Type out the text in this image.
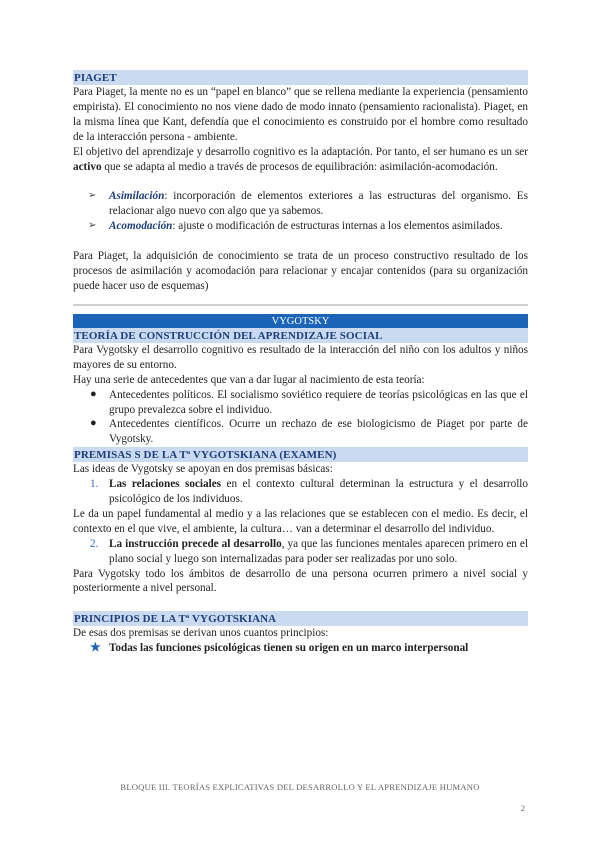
PIAGET

Para Piaget, la mente no es un “papel en blanco” que se rellena mediante la experiencia (pensamiento empirista). El conocimiento no nos viene dado de modo innato (pensamiento racionalista). Piaget, en la misma línea que Kant, defendía que el conocimiento es construido por el hombre como resultado de la interacción persona - ambiente.

El objetivo del aprendizaje y desarrollo cognitivo es la adaptación. Por tanto, el ser humano es un ser activo que se adapta al medio a través de procesos de equilibración: asimilación-acomodación.

➢ Asimilación: incorporación de elementos exteriores a las estructuras del organismo. Es relacionar algo nuevo con algo que ya sabemos.
➢ Acomodación: ajuste o modificación de estructuras internas a los elementos asimilados.

Para Piaget, la adquisición de conocimiento se trata de un proceso constructivo resultado de los procesos de asimilación y acomodación para relacionar y encajar contenidos (para su organización puede hacer uso de esquemas)

VYGOTSKY
TEORÍA DE CONSTRUCCIÓN DEL APRENDIZAJE SOCIAL

Para Vygotsky el desarrollo cognitivo es resultado de la interacción del niño con los adultos y niños mayores de su entorno.

Hay una serie de antecedentes que van a dar lugar al nacimiento de esta teoría:

● Antecedentes políticos. El socialismo soviético requiere de teorías psicológicas en las que el grupo prevalezca sobre el individuo.
● Antecedentes científicos. Ocurre un rechazo de ese biologicismo de Piaget por parte de Vygotsky.
PREMISAS S DE LA Tª VYGOTSKIANA (EXAMEN)

Las ideas de Vygotsky se apoyan en dos premisas básicas:

1. Las relaciones sociales en el contexto cultural determinan la estructura y el desarrollo psicológico de los individuos.

Le da un papel fundamental al medio y a las relaciones que se establecen con el medio. Es decir, el contexto en el que vive, el ambiente, la cultura… van a determinar el desarrollo del individuo.

2. La instrucción precede al desarrollo, ya que las funciones mentales aparecen primero en el plano social y luego son internalizadas para poder ser realizadas por uno solo.

Para Vygotsky todo los ámbitos de desarrollo de una persona ocurren primero a nivel social y posteriormente a nivel personal.

PRINCIPIOS DE LA Tª VYGOTSKIANA

De esas dos premisas se derivan unos cuantos principios:

★ Todas las funciones psicológicas tienen su origen en un marco interpersonal
BLOQUE III. TEORÍAS EXPLICATIVAS DEL DESARROLLO Y EL APRENDIZAJE HUMANO
2
